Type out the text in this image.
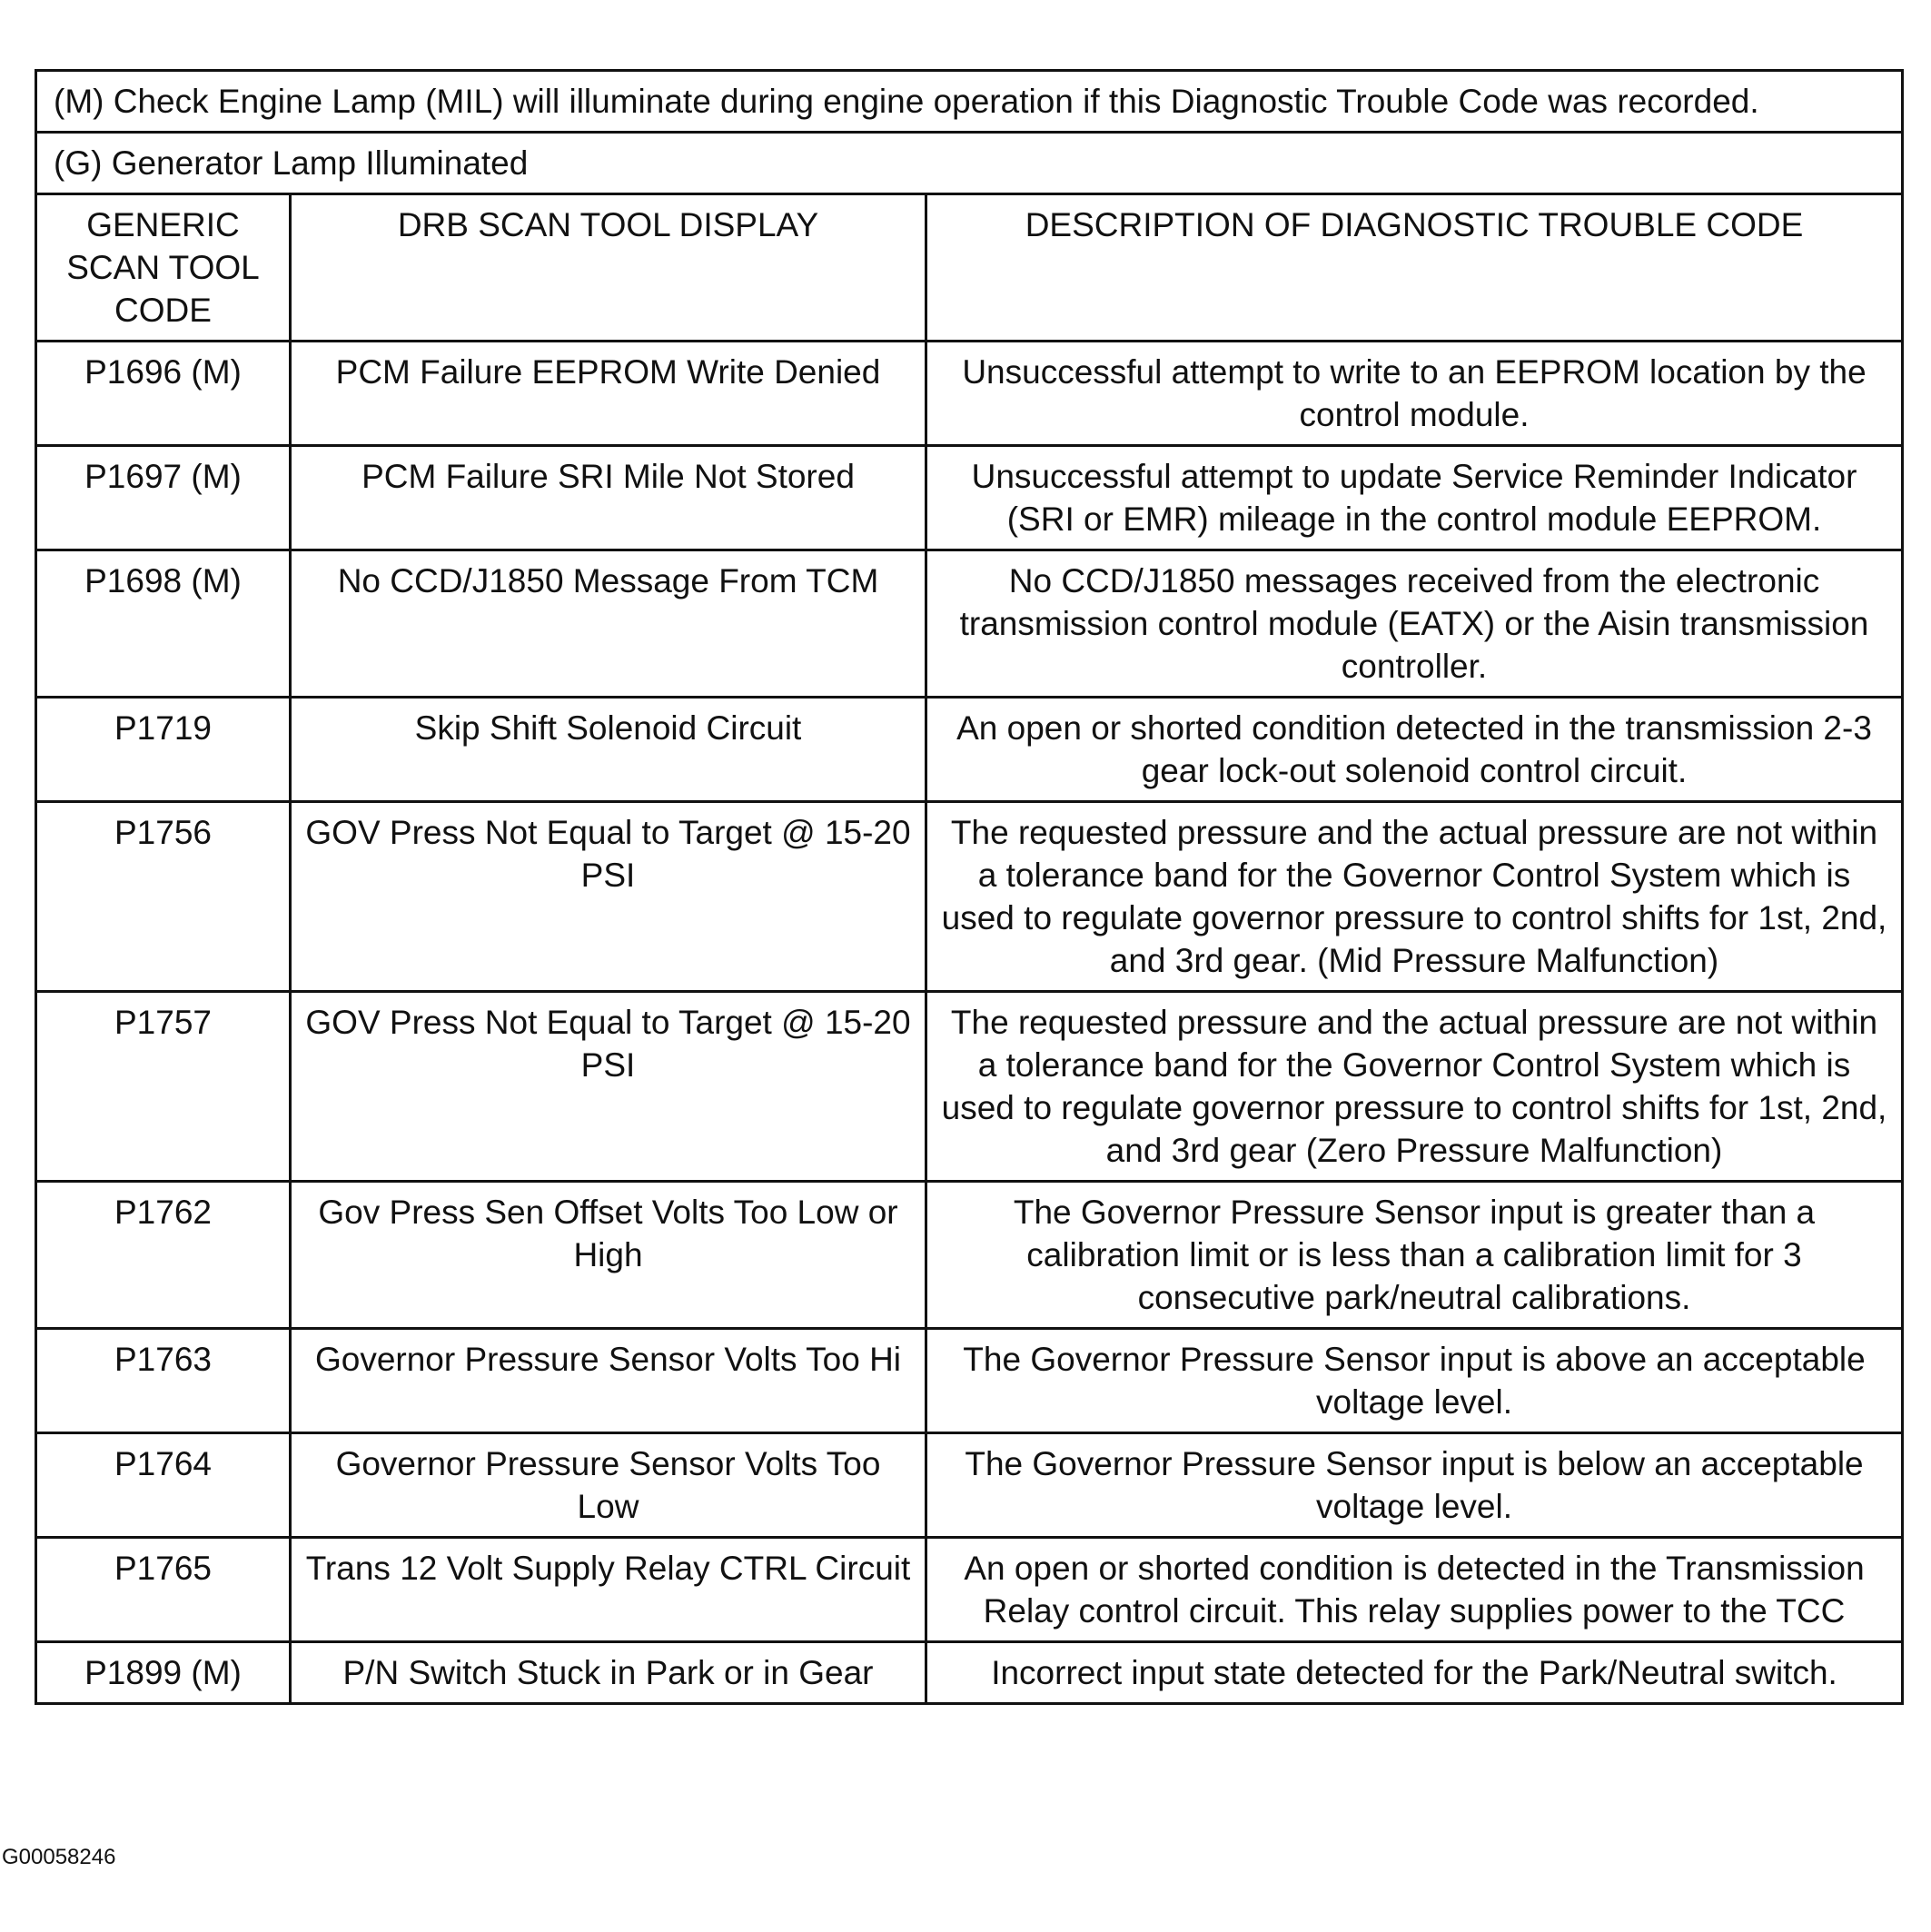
(M) Check Engine Lamp (MIL) will illuminate during engine operation if this Diagnostic Trouble Code was recorded.		
(G) Generator Lamp Illuminated		
GENERIC SCAN TOOL CODE	DRB SCAN TOOL DISPLAY	DESCRIPTION OF DIAGNOSTIC TROUBLE CODE
P1696 (M)	PCM Failure EEPROM Write Denied	Unsuccessful attempt to write to an EEPROM location by the control module.
P1697 (M)	PCM Failure SRI Mile Not Stored	Unsuccessful attempt to update Service Reminder Indicator (SRI or EMR) mileage in the control module EEPROM.
P1698 (M)	No CCD/J1850 Message From TCM	No CCD/J1850 messages received from the electronic transmission control module (EATX) or the Aisin transmission controller.
P1719	Skip Shift Solenoid Circuit	An open or shorted condition detected in the transmission 2-3 gear lock-out solenoid control circuit.
P1756	GOV Press Not Equal to Target @ 15-20 PSI	The requested pressure and the actual pressure are not within a tolerance band for the Governor Control System which is used to regulate governor pressure to control shifts for 1st, 2nd, and 3rd gear. (Mid Pressure Malfunction)
P1757	GOV Press Not Equal to Target @ 15-20 PSI	The requested pressure and the actual pressure are not within a tolerance band for the Governor Control System which is used to regulate governor pressure to control shifts for 1st, 2nd, and 3rd gear (Zero Pressure Malfunction)
P1762	Gov Press Sen Offset Volts Too Low or High	The Governor Pressure Sensor input is greater than a calibration limit or is less than a calibration limit for 3 consecutive park/neutral calibrations.
P1763	Governor Pressure Sensor Volts Too Hi	The Governor Pressure Sensor input is above an acceptable voltage level.
P1764	Governor Pressure Sensor Volts Too Low	The Governor Pressure Sensor input is below an acceptable voltage level.
P1765	Trans 12 Volt Supply Relay CTRL Circuit	An open or shorted condition is detected in the Transmission Relay control circuit. This relay supplies power to the TCC
P1899 (M)	P/N Switch Stuck in Park or in Gear	Incorrect input state detected for the Park/Neutral switch.
G00058246
